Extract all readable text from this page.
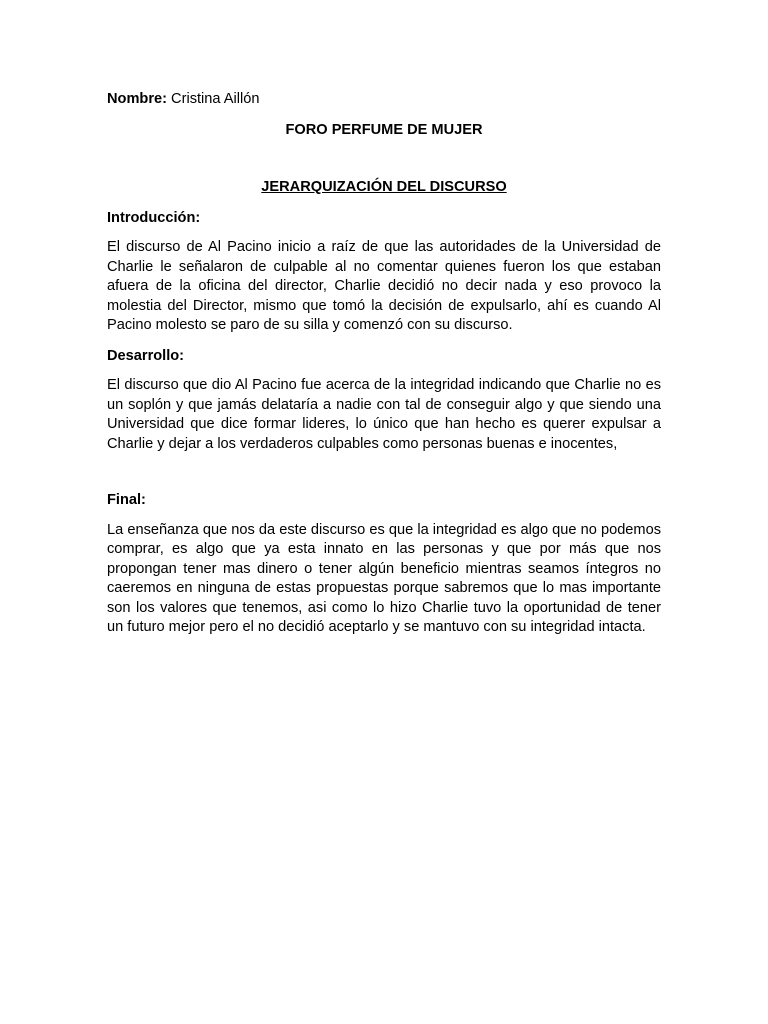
Nombre: Cristina Aillón

FORO PERFUME DE MUJER

JERARQUIZACIÓN DEL DISCURSO

Introducción:

El discurso de Al Pacino inicio a raíz de que las autoridades de la Universidad de Charlie le señalaron de culpable al no comentar quienes fueron los que estaban afuera de la oficina del director, Charlie decidió no decir nada y eso provoco la molestia del Director, mismo que tomó la decisión de expulsarlo, ahí es cuando Al Pacino molesto se paro de su silla y comenzó con su discurso.

Desarrollo:

El discurso que dio Al Pacino fue acerca de la integridad indicando que Charlie no es un soplón y que jamás delataría a nadie con tal de conseguir algo y que siendo una Universidad que dice formar lideres, lo único que han hecho es querer expulsar a Charlie y dejar a los verdaderos culpables como personas buenas e inocentes,

Final:

La enseñanza que nos da este discurso es que la integridad es algo que no podemos comprar, es algo que ya esta innato en las personas y que por más que nos propongan tener mas dinero o tener algún beneficio mientras seamos íntegros no caeremos en ninguna de estas propuestas porque sabremos que lo mas importante son los valores que tenemos, asi como lo hizo Charlie tuvo la oportunidad de tener un futuro mejor pero el no decidió aceptarlo y se mantuvo con su integridad intacta.
